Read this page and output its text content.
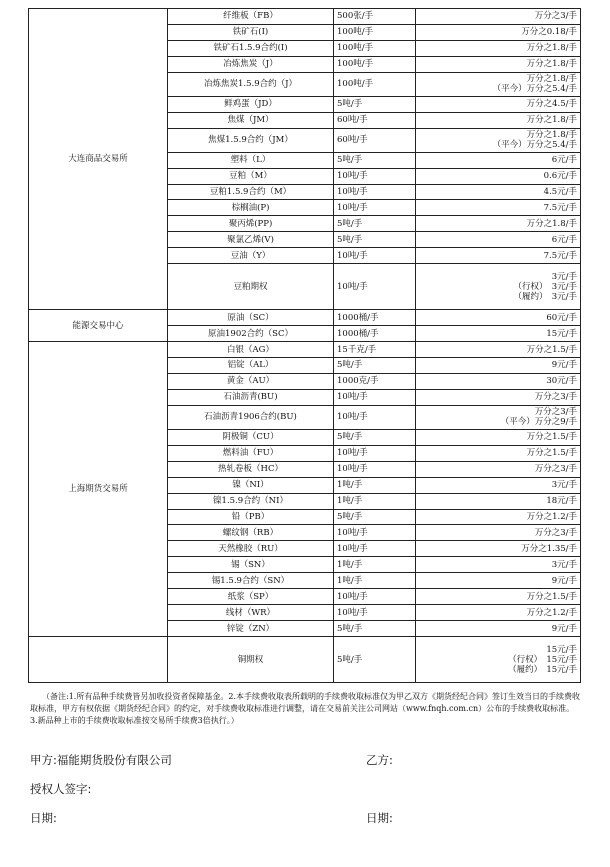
大连商品交易所	纤维板（FB）	500张/手	万分之3/手

	铁矿石(I)	100吨/手	万分之0.18/手

	铁矿石1.5.9合约(I)	100吨/手	万分之1.8/手

	冶炼焦炭（J）	100吨/手	万分之1.8/手

	冶炼焦炭1.5.9合约（J）	100吨/手	万分之1.8/手
（平今）万分之5.4/手

	鲜鸡蛋（JD）	5吨/手	万分之4.5/手

	焦煤（JM）	60吨/手	万分之1.8/手

	焦煤1.5.9合约（JM）	60吨/手	万分之1.8/手
（平今）万分之5.4/手

	塑料（L）	5吨/手	6元/手

	豆粕（M）	10吨/手	0.6元/手

	豆粕1.5.9合约（M）	10吨/手	4.5元/手

	棕榈油(P)	10吨/手	7.5元/手

	聚丙烯(PP)	5吨/手	万分之1.8/手

	聚氯乙烯(V)	5吨/手	6元/手

	豆油（Y）	10吨/手	7.5元/手

	豆粕期权	10吨/手	3元/手
（行权）　3元/手
（履约）　3元/手

能源交易中心	原油（SC）	1000桶/手	60元/手

	原油1902合约（SC）	1000桶/手	15元/手

上海期货交易所	白银（AG）	15千克/手	万分之1.5/手

	铝锭（AL）	5吨/手	9元/手

	黄金（AU）	1000克/手	30元/手

	石油沥青(BU)	10吨/手	万分之3/手

	石油沥青1906合约(BU)	10吨/手	万分之3/手
（平今）万分之9/手

	阴极铜（CU）	5吨/手	万分之1.5/手

	燃料油（FU）	10吨/手	万分之1.5/手

	热轧卷板（HC）	10吨/手	万分之3/手

	镍（NI）	1吨/手	3元/手

	镍1.5.9合约（NI）	1吨/手	18元/手

	铅（PB）	5吨/手	万分之1.2/手

	螺纹钢（RB）	10吨/手	万分之3/手

	天然橡胶（RU）	10吨/手	万分之1.35/手

	锡（SN）	1吨/手	3元/手

	锡1.5.9合约（SN）	1吨/手	9元/手

	纸浆（SP）	10吨/手	万分之1.5/手

	线材（WR）	10吨/手	万分之1.2/手

	锌锭（ZN）	5吨/手	9元/手

	铜期权	5吨/手	15元/手
（行权）　15元/手
（履约）　15元/手

（备注:1.所有品种手续费皆另加收投资者保障基金。2.本手续费收取表所载明的手续费收取标准仅为甲乙双方《期货经纪合同》签订生效当日的手续费收取标准，甲方有权依据《期货经纪合同》的约定，对手续费收取标准进行调整，请在交易前关注公司网站（www.fnqh.com.cn）公布的手续费收取标准。3.新品种上市的手续费收取标准按交易所手续费3倍执行。）

甲方:福能期货股份有限公司	乙方:
授权人签字:
日期:	日期:
